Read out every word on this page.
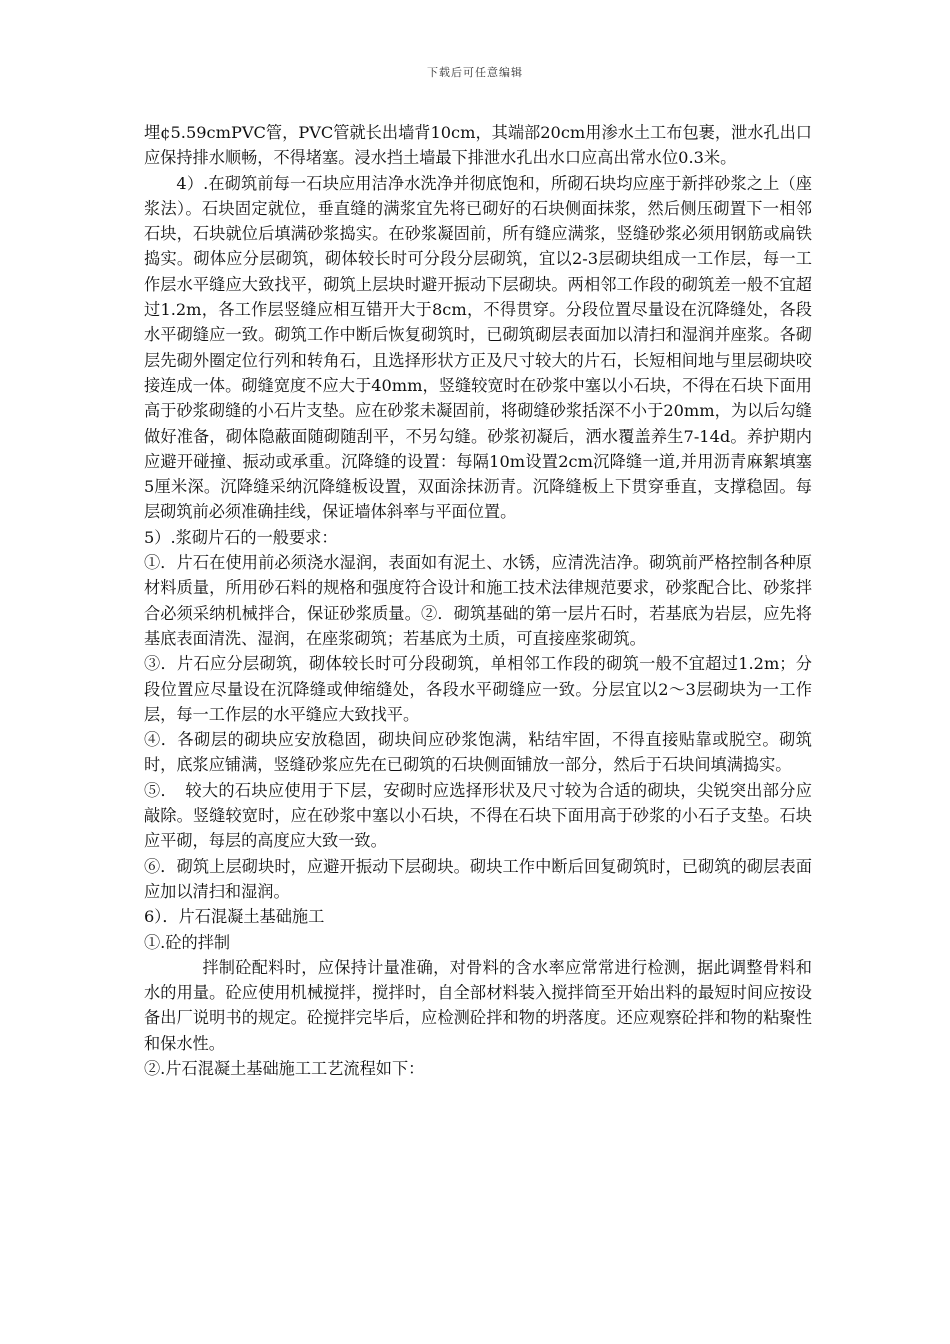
下载后可任意编辑

埋¢5.59cmPVC管，PVC管就长出墙背10cm，其端部20cm用渗水土工布包裹，泄水孔出口应保持排水顺畅，不得堵塞。浸水挡土墙最下排泄水孔出水口应高出常水位0.3米。

4）.在砌筑前每一石块应用洁净水洗净并彻底饱和，所砌石块均应座于新拌砂浆之上（座浆法）。石块固定就位，垂直缝的满浆宜先将已砌好的石块侧面抹浆，然后侧压砌置下一相邻石块，石块就位后填满砂浆捣实。在砂浆凝固前，所有缝应满浆，竖缝砂浆必须用钢筋或扁铁捣实。砌体应分层砌筑，砌体较长时可分段分层砌筑，宜以2-3层砌块组成一工作层，每一工作层水平缝应大致找平，砌筑上层块时避开振动下层砌块。两相邻工作段的砌筑差一般不宜超过1.2m，各工作层竖缝应相互错开大于8cm，不得贯穿。分段位置尽量设在沉降缝处，各段水平砌缝应一致。砌筑工作中断后恢复砌筑时，已砌筑砌层表面加以清扫和湿润并座浆。各砌层先砌外圈定位行列和转角石，且选择形状方正及尺寸较大的片石，长短相间地与里层砌块咬接连成一体。砌缝宽度不应大于40mm，竖缝较宽时在砂浆中塞以小石块，不得在石块下面用高于砂浆砌缝的小石片支垫。应在砂浆未凝固前，将砌缝砂浆括深不小于20mm，为以后勾缝做好准备，砌体隐蔽面随砌随刮平，不另勾缝。砂浆初凝后，洒水覆盖养生7-14d。养护期内应避开碰撞、振动或承重。沉降缝的设置：每隔10m设置2cm沉降缝一道,并用沥青麻絮填塞5厘米深。沉降缝采纳沉降缝板设置，双面涂抹沥青。沉降缝板上下贯穿垂直，支撑稳固。每层砌筑前必须准确挂线，保证墙体斜率与平面位置。

5）.浆砌片石的一般要求：

①．片石在使用前必须浇水湿润，表面如有泥土、水锈，应清洗洁净。砌筑前严格控制各种原材料质量，所用砂石料的规格和强度符合设计和施工技术法律规范要求，砂浆配合比、砂浆拌合必须采纳机械拌合，保证砂浆质量。②．砌筑基础的第一层片石时，若基底为岩层，应先将基底表面清洗、湿润，在座浆砌筑；若基底为土质，可直接座浆砌筑。

③．片石应分层砌筑，砌体较长时可分段砌筑，单相邻工作段的砌筑一般不宜超过1.2m；分段位置应尽量设在沉降缝或伸缩缝处，各段水平砌缝应一致。分层宜以2～3层砌块为一工作层，每一工作层的水平缝应大致找平。

④．各砌层的砌块应安放稳固，砌块间应砂浆饱满，粘结牢固，不得直接贴靠或脱空。砌筑时，底浆应铺满，竖缝砂浆应先在已砌筑的石块侧面铺放一部分，然后于石块间填满捣实。

⑤．　较大的石块应使用于下层，安砌时应选择形状及尺寸较为合适的砌块，尖锐突出部分应敲除。竖缝较宽时，应在砂浆中塞以小石块，不得在石块下面用高于砂浆的小石子支垫。石块应平砌，每层的高度应大致一致。

⑥．砌筑上层砌块时，应避开振动下层砌块。砌块工作中断后回复砌筑时，已砌筑的砌层表面应加以清扫和湿润。

6）．片石混凝土基础施工

①.砼的拌制

拌制砼配料时，应保持计量准确，对骨料的含水率应常常进行检测，据此调整骨料和水的用量。砼应使用机械搅拌，搅拌时，自全部材料装入搅拌筒至开始出料的最短时间应按设备出厂说明书的规定。砼搅拌完毕后，应检测砼拌和物的坍落度。还应观察砼拌和物的粘聚性和保水性。

②.片石混凝土基础施工工艺流程如下：
